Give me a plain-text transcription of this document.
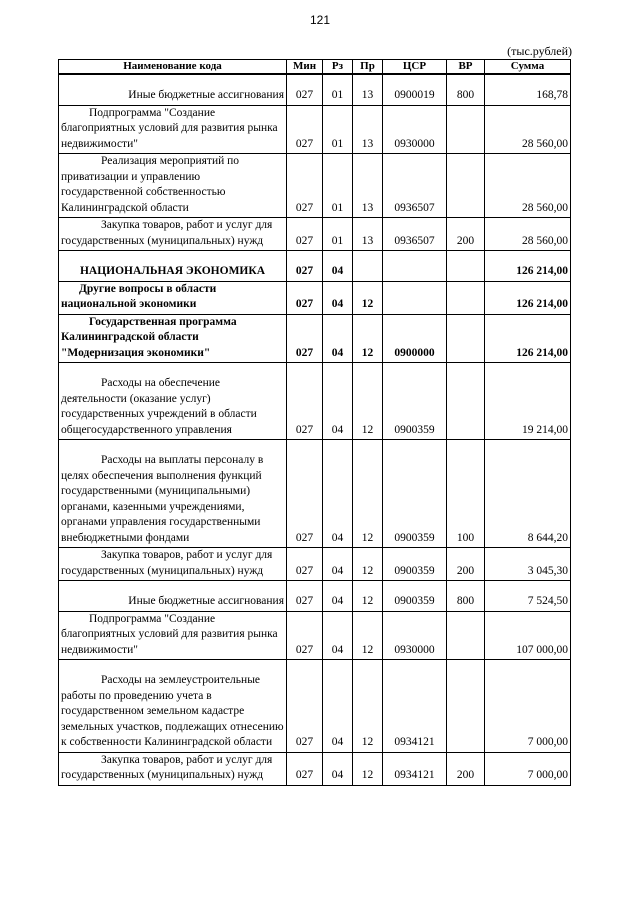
121
(тыс.рублей)
Наименование кода	Мин	Рз	Пр	ЦСР	ВР	Сумма

Иные бюджетные ассигнования	027	01	13	0900019	800	168,78
Подпрограмма "Создание благоприятных условий для развития рынка недвижимости"	027	01	13	0930000		28 560,00
Реализация мероприятий по приватизации и управлению государственной собственностью Калининградской области	027	01	13	0936507		28 560,00
Закупка товаров, работ и услуг для государственных (муниципальных) нужд	027	01	13	0936507	200	28 560,00

НАЦИОНАЛЬНАЯ ЭКОНОМИКА	027	04				126 214,00
Другие вопросы в области национальной экономики	027	04	12			126 214,00
Государственная программа Калининградской области "Модернизация экономики"	027	04	12	0900000		126 214,00

Расходы на обеспечение деятельности (оказание услуг) государственных учреждений в области общегосударственного управления	027	04	12	0900359		19 214,00

Расходы на выплаты персоналу в целях обеспечения выполнения функций государственными (муниципальными) органами, казенными учреждениями, органами управления государственными внебюджетными фондами	027	04	12	0900359	100	8 644,20
Закупка товаров, работ и услуг для государственных (муниципальных) нужд	027	04	12	0900359	200	3 045,30

Иные бюджетные ассигнования	027	04	12	0900359	800	7 524,50
Подпрограмма "Создание благоприятных условий для развития рынка недвижимости"	027	04	12	0930000		107 000,00

Расходы на землеустроительные работы по проведению учета в государственном земельном кадастре земельных участков, подлежащих отнесению к собственности Калининградской области	027	04	12	0934121		7 000,00
Закупка товаров, работ и услуг для государственных (муниципальных) нужд	027	04	12	0934121	200	7 000,00
